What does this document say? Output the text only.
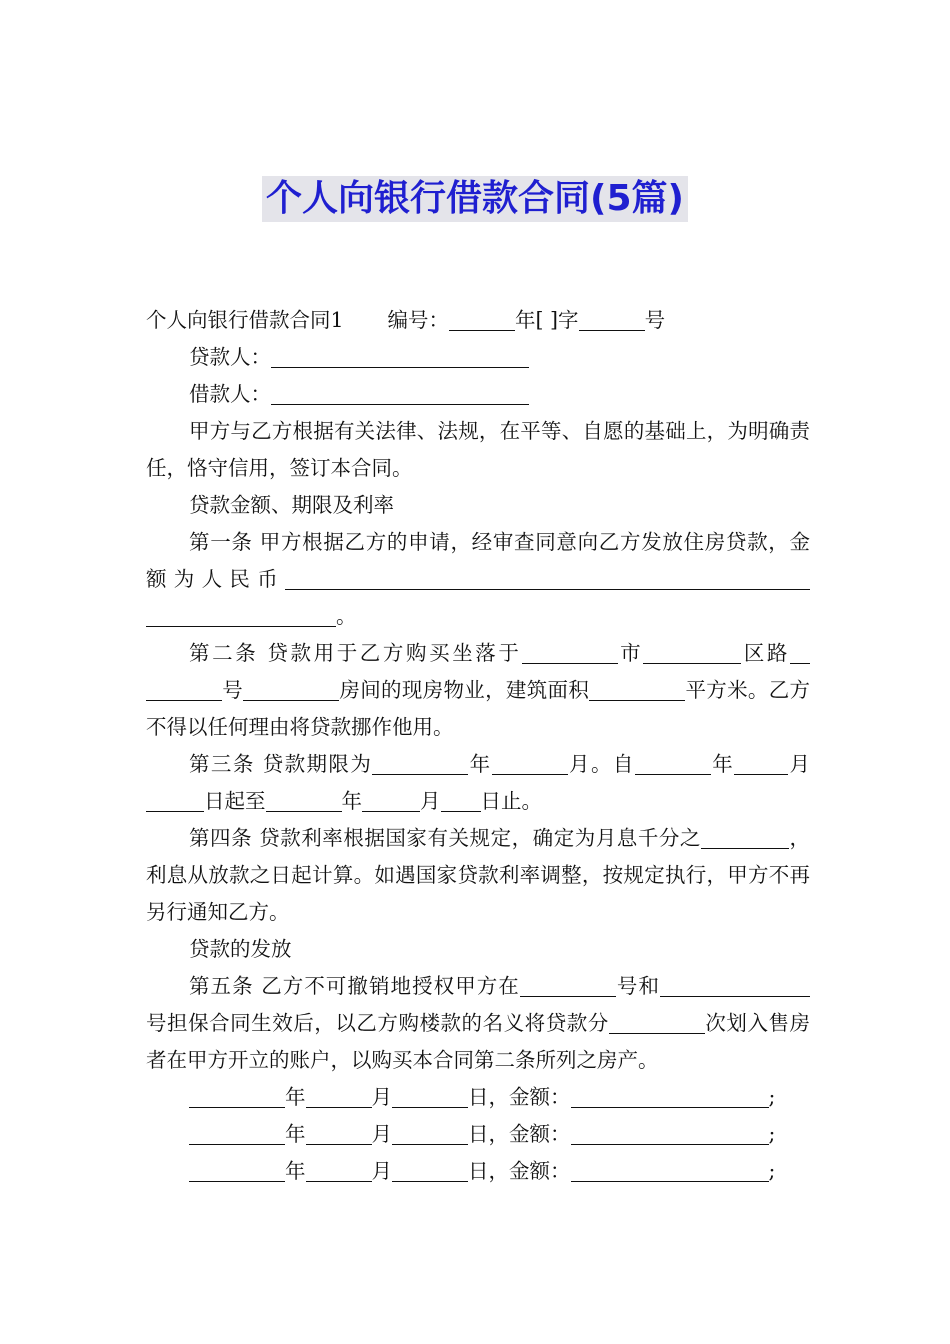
个人向银行借款合同(5篇)

个人向银行借款合同1 编号：	年[ ]字	号

贷款人：

借款人：

甲方与乙方根据有关法律、法规，在平等、自愿的基础上，为明确责任，恪守信用，签订本合同。

贷款金额、期限及利率

第一条 甲方根据乙方的申请，经审查同意向乙方发放住房贷款，金额为人民币。

第二条 贷款用于乙方购买坐落于	市	区路号	房间的现房物业，建筑面积	平方米。乙方不得以任何理由将贷款挪作他用。

第三条 贷款期限为	年	月。自	年	月日起至	年	月 日止。

第四条 贷款利率根据国家有关规定，确定为月息千分之	，利息从放款之日起计算。如遇国家贷款利率调整，按规定执行，甲方不再另行通知乙方。

贷款的发放

第五条 乙方不可撤销地授权甲方在	号和号担保合同生效后，以乙方购楼款的名义将贷款分	次划入售房者在甲方开立的账户，以购买本合同第二条所列之房产。

年	月	日，金额：	;

年	月	日，金额：	;

年	月	日，金额：	;
